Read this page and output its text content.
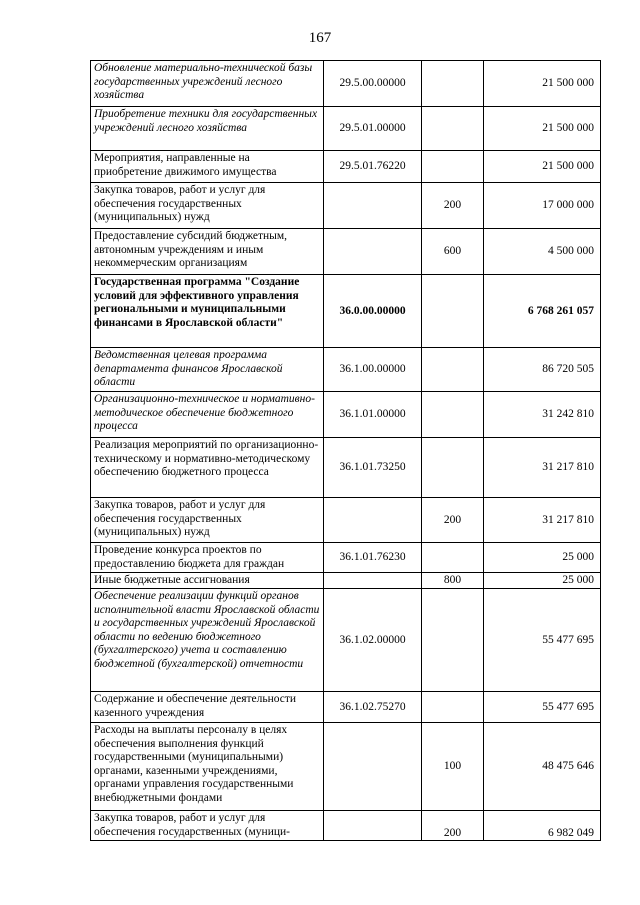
167
Обновление материально-технической базы государственных учреждений лесного хозяйства	29.5.00.00000		21 500 000
Приобретение техники для государственных учреждений лесного хозяйства	29.5.01.00000		21 500 000
Мероприятия, направленные на приобретение движимого имущества	29.5.01.76220		21 500 000
Закупка товаров, работ и услуг для обеспечения государственных (муниципальных) нужд		200	17 000 000
Предоставление субсидий бюджетным, автономным учреждениям и иным некоммерческим организациям		600	4 500 000
Государственная программа "Создание условий для эффективного управления региональными и муниципальными финансами в Ярославской области"	36.0.00.00000		6 768 261 057
Ведомственная целевая программа департамента финансов Ярославской области	36.1.00.00000		86 720 505
Организационно-техническое и нормативно-методическое обеспечение бюджетного процесса	36.1.01.00000		31 242 810
Реализация мероприятий по организационно-техническому и нормативно-методическому обеспечению бюджетного процесса	36.1.01.73250		31 217 810
Закупка товаров, работ и услуг для обеспечения государственных (муниципальных) нужд		200	31 217 810
Проведение конкурса проектов по предоставлению бюджета для граждан	36.1.01.76230		25 000
Иные бюджетные ассигнования		800	25 000
Обеспечение реализации функций органов исполнительной власти Ярославской области и государственных учреждений Ярославской области по ведению бюджетного (бухгалтерского) учета и составлению бюджетной (бухгалтерской) отчетности	36.1.02.00000		55 477 695
Содержание и обеспечение деятельности казенного учреждения	36.1.02.75270		55 477 695
Расходы на выплаты персоналу в целях обеспечения выполнения функций государственными (муниципальными) органами, казенными учреждениями, органами управления государственными внебюджетными фондами		100	48 475 646
Закупка товаров, работ и услуг для обеспечения государственных (муници-		200	6 982 049
